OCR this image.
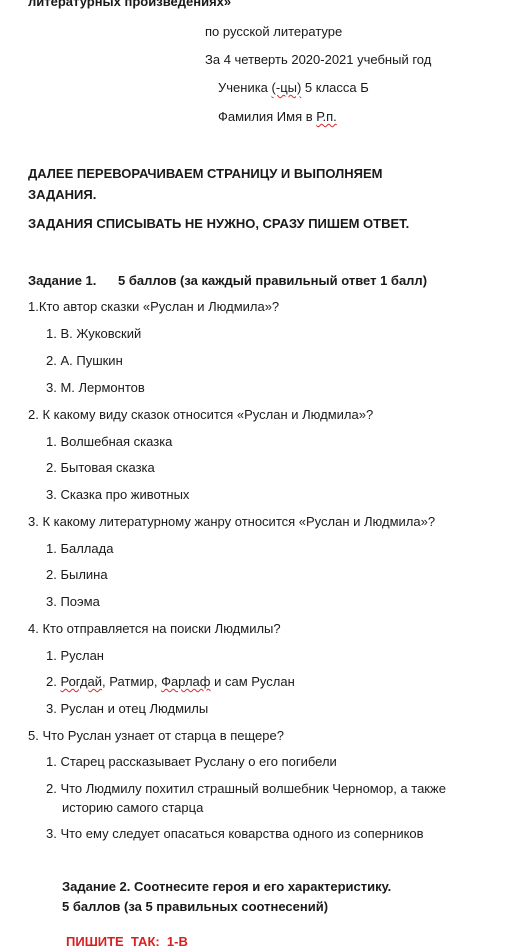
литературных произведениях»
по русской литературе
За 4 четверть 2020-2021 учебный год
Ученика (-цы) 5 класса Б
Фамилия Имя в Р.п.
ДАЛЕЕ ПЕРЕВОРАЧИВАЕМ СТРАНИЦУ И ВЫПОЛНЯЕМ
ЗАДАНИЯ.
ЗАДАНИЯ СПИСЫВАТЬ НЕ НУЖНО, СРАЗУ ПИШЕМ ОТВЕТ.
Задание 1.      5 баллов (за каждый правильный ответ 1 балл)
1.Кто автор сказки «Руслан и Людмила»?
1. В. Жуковский
2. А. Пушкин
3. М. Лермонтов
2. К какому виду сказок относится «Руслан и Людмила»?
1. Волшебная сказка
2. Бытовая сказка
3. Сказка про животных
3. К какому литературному жанру относится «Руслан и Людмила»?
1. Баллада
2. Былина
3. Поэма
4. Кто отправляется на поиски Людмилы?
1. Руслан
2. Рогдай, Ратмир, Фарлаф и сам Руслан
3. Руслан и отец Людмилы
5. Что Руслан узнает от старца в пещере?
1. Старец рассказывает Руслану о его погибели
2. Что Людмилу похитил страшный волшебник Черномор, а также
историю самого старца
3. Что ему следует опасаться коварства одного из соперников
Задание 2. Соотнесите героя и его характеристику.
5 баллов (за 5 правильных соотнесений)
ПИШИТЕ  ТАК:  1-В
